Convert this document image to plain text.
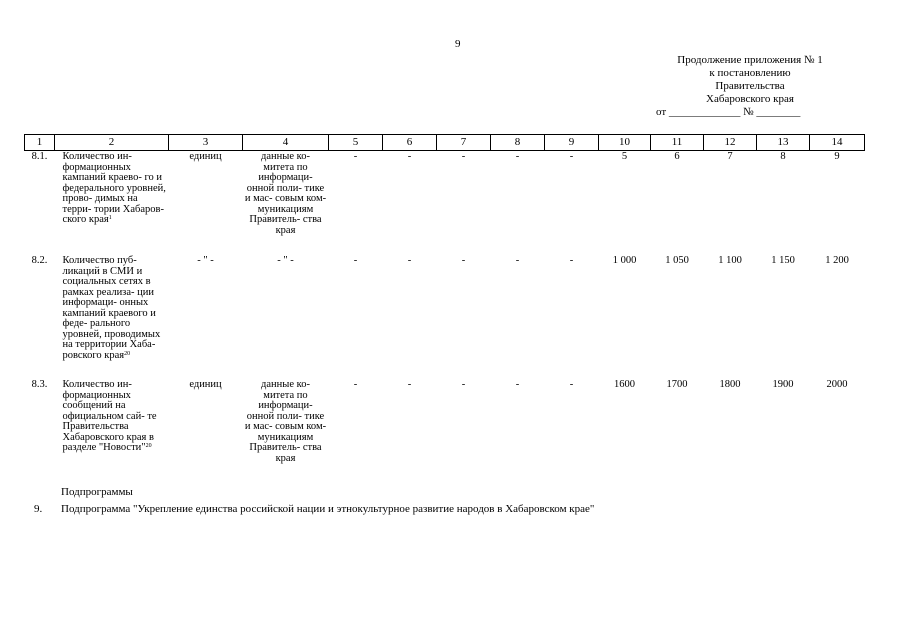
9
Продолжение приложения № 1
к постановлению
Правительства
Хабаровского края
от _____________ № ________
1	2	3	4	5	6	7	8	9	10	11	12	13	14
8.1.	Количество ин- формационных кампаний краево- го и федерального уровней, прово- димых на терри- тории Хабаров- ского края$^1$	единиц	данные ко- митета по информаци- онной поли- тике и мас- совым ком- муникациям Правитель- ства края	-	-	-	-	-	5	6	7	8	9
8.2.	Количество пуб- ликаций в СМИ и социальных сетях в рамках реализа- ции информаци- онных кампаний краевого и феде- рального уровней, проводимых на территории Хаба- ровского края$^{20}$	- " -	- " -	-	-	-	-	-	1 000	1 050	1 100	1 150	1 200
8.3.	Количество ин- формационных сообщений на официальном сай- те Правительства Хабаровского края в разделе "Новости"$^{20}$	единиц	данные ко- митета по информаци- онной поли- тике и мас- совым ком- муникациям Правитель- ства края	-	-	-	-	-	1600	1700	1800	1900	2000
Подпрограммы
9. Подпрограмма "Укрепление единства российской нации и этнокультурное развитие народов в Хабаровском крае"
